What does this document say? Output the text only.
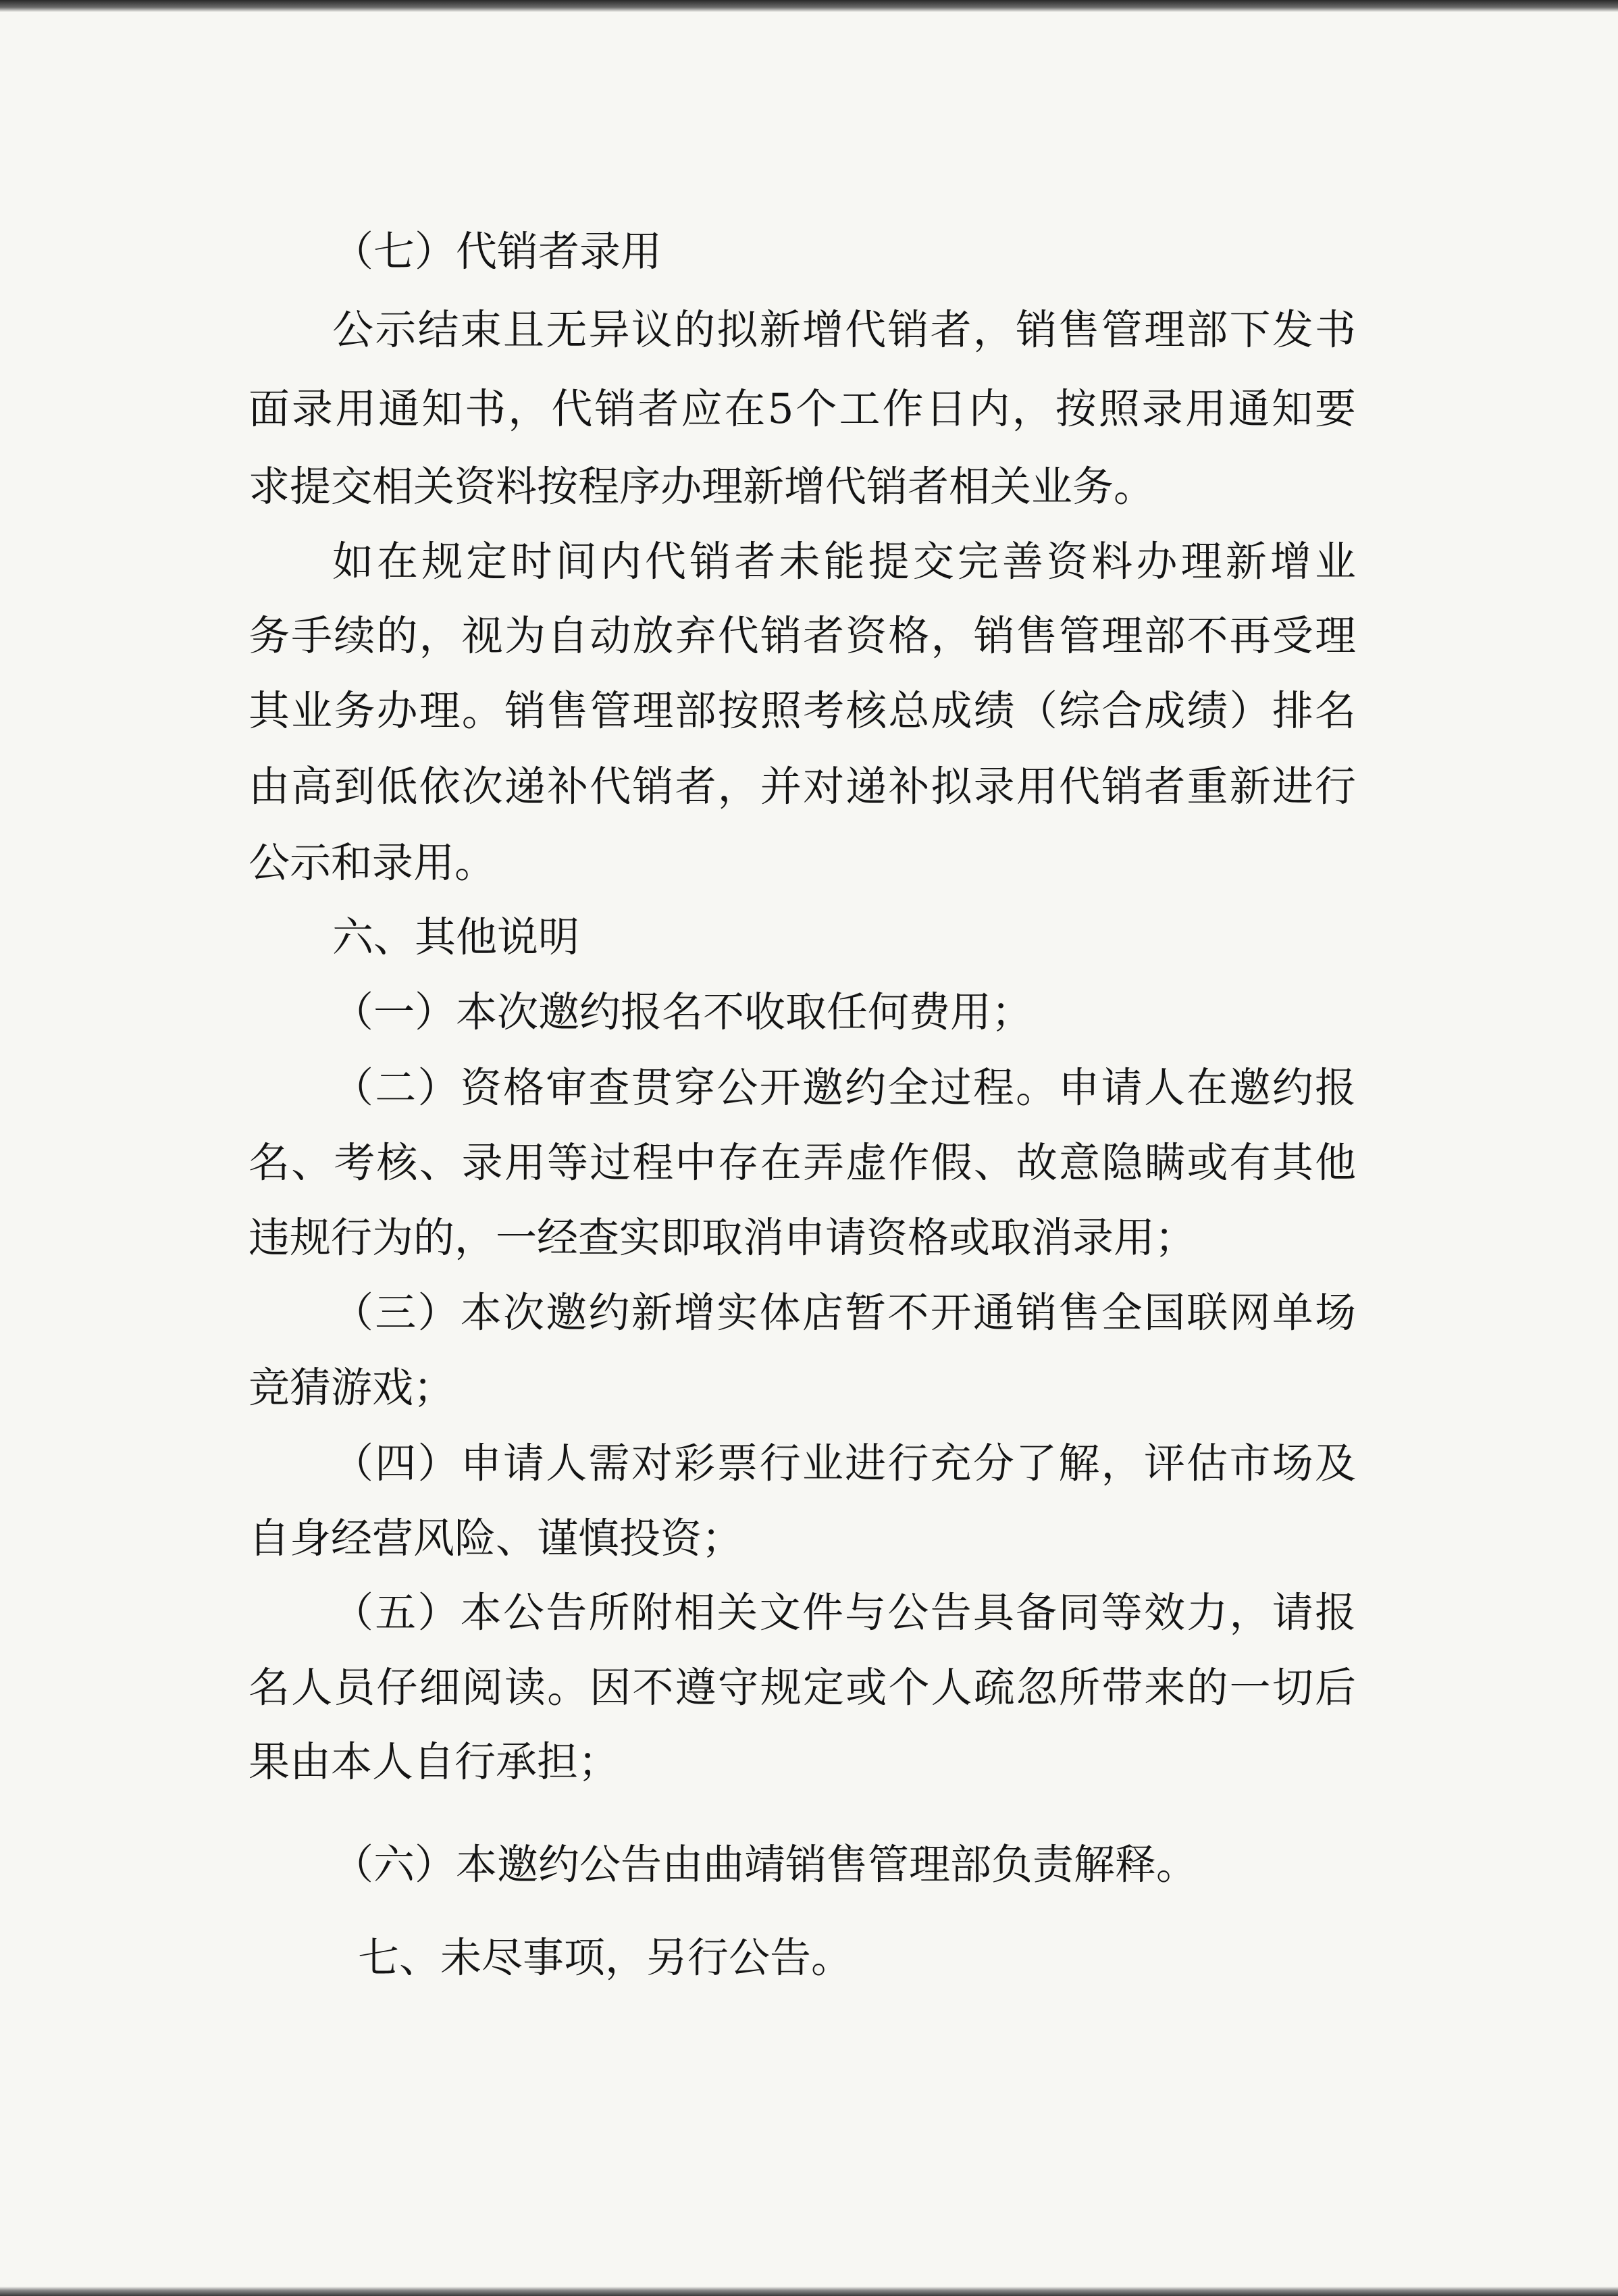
（七）代销者录用
公示结束且无异议的拟新增代销者，销售管理部下发书
面录用通知书，代销者应在5个工作日内，按照录用通知要
求提交相关资料按程序办理新增代销者相关业务。
如在规定时间内代销者未能提交完善资料办理新增业
务手续的，视为自动放弃代销者资格，销售管理部不再受理
其业务办理。销售管理部按照考核总成绩（综合成绩）排名
由高到低依次递补代销者，并对递补拟录用代销者重新进行
公示和录用。
六、其他说明
（一）本次邀约报名不收取任何费用；
（二）资格审查贯穿公开邀约全过程。申请人在邀约报
名、考核、录用等过程中存在弄虚作假、故意隐瞒或有其他
违规行为的，一经查实即取消申请资格或取消录用；
（三）本次邀约新增实体店暂不开通销售全国联网单场
竞猜游戏；
（四）申请人需对彩票行业进行充分了解，评估市场及
自身经营风险、谨慎投资；
（五）本公告所附相关文件与公告具备同等效力，请报
名人员仔细阅读。因不遵守规定或个人疏忽所带来的一切后
果由本人自行承担；
（六）本邀约公告由曲靖销售管理部负责解释。
七、未尽事项，另行公告。
